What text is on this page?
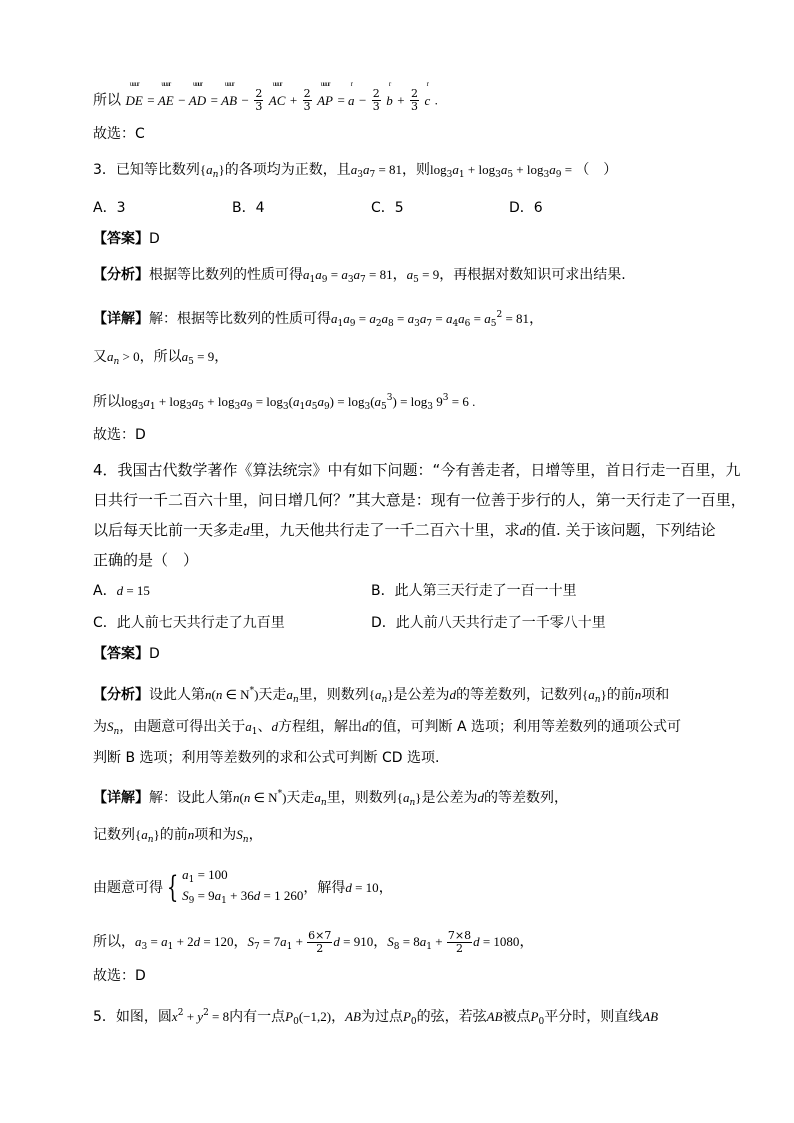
所以
uuur
DE =
uuur
AE −
uuur
AD =
uuur
AB − $\frac{2}{3}$

uuur
AC + $\frac{2}{3}$

uuur
AP =
r
$a - \frac{2}{3}$

r
$b + \frac{2}{3}$

r
c .
故选：C
3．已知等比数列$\{a_n\}$的各项均为正数，且$a_3a_7 = 81$，则$\log_3a_1 + \log_3a_5 + \log_3a_9$ = （　）
A．3	B．4	C．5	D．6
【答案】D
【分析】根据等比数列的性质可得$a_1a_9 = a_3a_7 = 81$，$a_5 = 9$，再根据对数知识可求出结果.
【详解】解：根据等比数列的性质可得$a_1a_9 = a_2a_8 = a_3a_7 = a_4a_6 = a_5^2 = 81$，
又$a_n > 0$，所以$a_5 = 9$，
所以$\log_3a_1 + \log_3a_5 + \log_3a_9 = \log_3(a_1a_5a_9) = \log_3(a_5^3) = \log_3 9^3 = 6$ .
故选：D
4．我国古代数学著作《算法统宗》中有如下问题：“今有善走者，日增等里，首日行走一百里，九
日共行一千二百六十里，问日增几何？”其大意是：现有一位善于步行的人，第一天行走了一百里，
以后每天比前一天多走d里，九天他共行走了一千二百六十里，求d的值. 关于该问题，下列结论
正确的是（　）
A．d = 15	B．此人第三天行走了一百一十里
C．此人前七天共行走了九百里	D．此人前八天共行走了一千零八十里
【答案】D
【分析】设此人第n(n ∈ N*)天走$a_n$里，则数列$\{a_n\}$是公差为d的等差数列，记数列$\{a_n\}$的前n项和
为$S_n$，由题意可得出关于$a_1$、d方程组，解出d的值，可判断 A 选项；利用等差数列的通项公式可
判断 B 选项；利用等差数列的求和公式可判断 CD 选项.
【详解】解：设此人第n(n ∈ N*)天走$a_n$里，则数列$\{a_n\}$是公差为d的等差数列，
记数列$\{a_n\}$的前n项和为$S_n$，
由题意可得 { $a_1 = 100$
$S_9 = 9a_1 + 36d = 1$ 260 ，解得d = 10，
所以，$a_3 = a_1 + 2d = 120$，$S_7 = 7a_1 + \frac{6\times 7}{2}$ d = 910，$S_8 = 8a_1 + \frac{7\times 8}{2}$ d = 1080，
故选：D
5．如图，圆$x^2 + y^2 = 8$内有一点$P_0(-1,2)$，AB为过点$P_0$的弦，若弦AB被点$P_0$平分时，则直线AB
